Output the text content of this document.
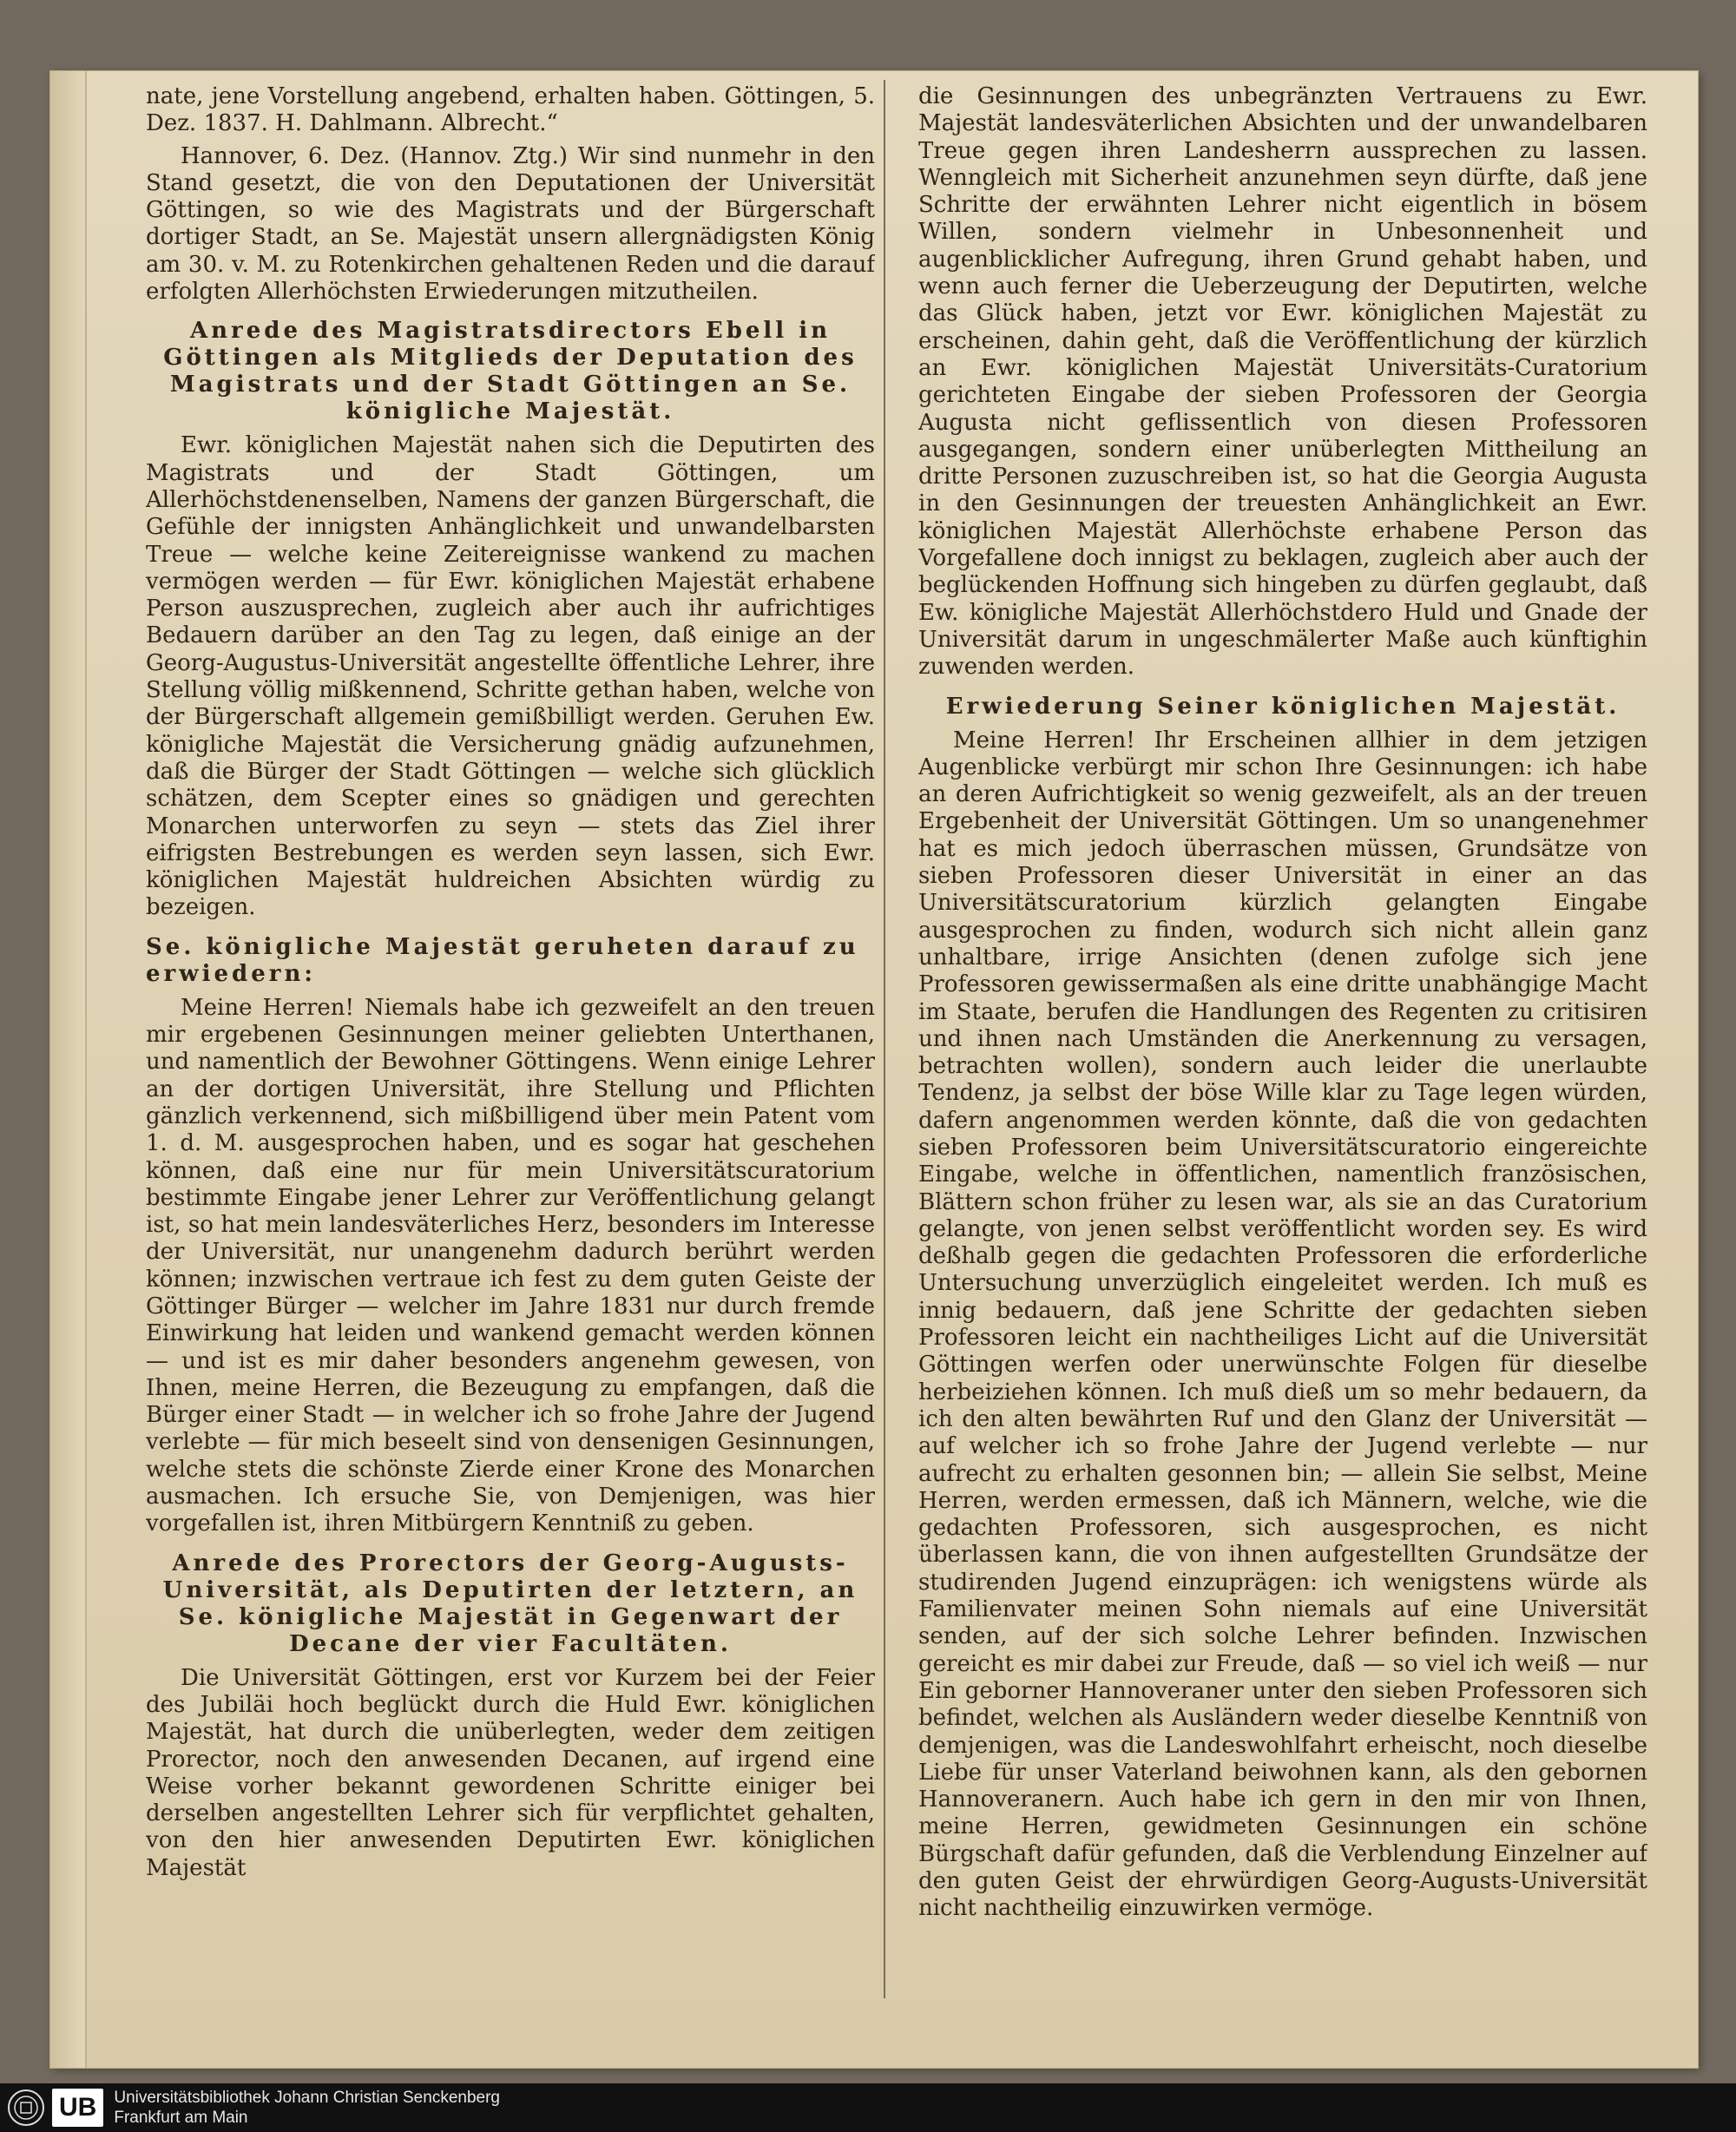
nate, jene Vorstellung angebend, erhalten haben. Göttingen, 5. Dez. 1837. H. Dahlmann. Albrecht.“

Hannover, 6. Dez. (Hannov. Ztg.) Wir sind nunmehr in den Stand gesetzt, die von den Deputationen der Universität Göttingen, so wie des Magistrats und der Bürgerschaft dortiger Stadt, an Se. Majestät unsern allergnädigsten König am 30. v. M. zu Rotenkirchen gehaltenen Reden und die darauf erfolgten Allerhöchsten Erwiederungen mitzutheilen.

Anrede des Magistratsdirectors Ebell in Göttingen als Mitglieds der Deputation des Magistrats und der Stadt Göttingen an Se. königliche Majestät.

Ewr. königlichen Majestät nahen sich die Deputirten des Magistrats und der Stadt Göttingen, um Allerhöchstdenenselben, Namens der ganzen Bürgerschaft, die Gefühle der innigsten Anhänglichkeit und unwandelbarsten Treue — welche keine Zeitereignisse wankend zu machen vermögen werden — für Ewr. königlichen Majestät erhabene Person auszusprechen, zugleich aber auch ihr aufrichtiges Bedauern darüber an den Tag zu legen, daß einige an der Georg-Augustus-Universität angestellte öffentliche Lehrer, ihre Stellung völlig mißkennend, Schritte gethan haben, welche von der Bürgerschaft allgemein gemißbilligt werden. Geruhen Ew. königliche Majestät die Versicherung gnädig aufzunehmen, daß die Bürger der Stadt Göttingen — welche sich glücklich schätzen, dem Scepter eines so gnädigen und gerechten Monarchen unterworfen zu seyn — stets das Ziel ihrer eifrigsten Bestrebungen es werden seyn lassen, sich Ewr. königlichen Majestät huldreichen Absichten würdig zu bezeigen.

Se. königliche Majestät geruheten darauf zu erwiedern:

Meine Herren! Niemals habe ich gezweifelt an den treuen mir ergebenen Gesinnungen meiner geliebten Unterthanen, und namentlich der Bewohner Göttingens. Wenn einige Lehrer an der dortigen Universität, ihre Stellung und Pflichten gänzlich verkennend, sich mißbilligend über mein Patent vom 1. d. M. ausgesprochen haben, und es sogar hat geschehen können, daß eine nur für mein Universitätscuratorium bestimmte Eingabe jener Lehrer zur Veröffentlichung gelangt ist, so hat mein landesväterliches Herz, besonders im Interesse der Universität, nur unangenehm dadurch berührt werden können; inzwischen vertraue ich fest zu dem guten Geiste der Göttinger Bürger — welcher im Jahre 1831 nur durch fremde Einwirkung hat leiden und wankend gemacht werden können — und ist es mir daher besonders angenehm gewesen, von Ihnen, meine Herren, die Bezeugung zu empfangen, daß die Bürger einer Stadt — in welcher ich so frohe Jahre der Jugend verlebte — für mich beseelt sind von densenigen Gesinnungen, welche stets die schönste Zierde einer Krone des Monarchen ausmachen. Ich ersuche Sie, von Demjenigen, was hier vorgefallen ist, ihren Mitbürgern Kenntniß zu geben.

Anrede des Prorectors der Georg-Augusts-Universität, als Deputirten der letztern, an Se. königliche Majestät in Gegenwart der Decane der vier Facultäten.

Die Universität Göttingen, erst vor Kurzem bei der Feier des Jubiläi hoch beglückt durch die Huld Ewr. königlichen Majestät, hat durch die unüberlegten, weder dem zeitigen Prorector, noch den anwesenden Decanen, auf irgend eine Weise vorher bekannt gewordenen Schritte einiger bei derselben angestellten Lehrer sich für verpflichtet gehalten, von den hier anwesenden Deputirten Ewr. königlichen Majestät

die Gesinnungen des unbegränzten Vertrauens zu Ewr. Majestät landesväterlichen Absichten und der unwandelbaren Treue gegen ihren Landesherrn aussprechen zu lassen. Wenngleich mit Sicherheit anzunehmen seyn dürfte, daß jene Schritte der erwähnten Lehrer nicht eigentlich in bösem Willen, sondern vielmehr in Unbesonnenheit und augenblicklicher Aufregung, ihren Grund gehabt haben, und wenn auch ferner die Ueberzeugung der Deputirten, welche das Glück haben, jetzt vor Ewr. königlichen Majestät zu erscheinen, dahin geht, daß die Veröffentlichung der kürzlich an Ewr. königlichen Majestät Universitäts-Curatorium gerichteten Eingabe der sieben Professoren der Georgia Augusta nicht geflissentlich von diesen Professoren ausgegangen, sondern einer unüberlegten Mittheilung an dritte Personen zuzuschreiben ist, so hat die Georgia Augusta in den Gesinnungen der treuesten Anhänglichkeit an Ewr. königlichen Majestät Allerhöchste erhabene Person das Vorgefallene doch innigst zu beklagen, zugleich aber auch der beglückenden Hoffnung sich hingeben zu dürfen geglaubt, daß Ew. königliche Majestät Allerhöchstdero Huld und Gnade der Universität darum in ungeschmälerter Maße auch künftighin zuwenden werden.

Erwiederung Seiner königlichen Majestät.

Meine Herren! Ihr Erscheinen allhier in dem jetzigen Augenblicke verbürgt mir schon Ihre Gesinnungen: ich habe an deren Aufrichtigkeit so wenig gezweifelt, als an der treuen Ergebenheit der Universität Göttingen. Um so unangenehmer hat es mich jedoch überraschen müssen, Grundsätze von sieben Professoren dieser Universität in einer an das Universitätscuratorium kürzlich gelangten Eingabe ausgesprochen zu finden, wodurch sich nicht allein ganz unhaltbare, irrige Ansichten (denen zufolge sich jene Professoren gewissermaßen als eine dritte unabhängige Macht im Staate, berufen die Handlungen des Regenten zu critisiren und ihnen nach Umständen die Anerkennung zu versagen, betrachten wollen), sondern auch leider die unerlaubte Tendenz, ja selbst der böse Wille klar zu Tage legen würden, dafern angenommen werden könnte, daß die von gedachten sieben Professoren beim Universitätscuratorio eingereichte Eingabe, welche in öffentlichen, namentlich französischen, Blättern schon früher zu lesen war, als sie an das Curatorium gelangte, von jenen selbst veröffentlicht worden sey. Es wird deßhalb gegen die gedachten Professoren die erforderliche Untersuchung unverzüglich eingeleitet werden. Ich muß es innig bedauern, daß jene Schritte der gedachten sieben Professoren leicht ein nachtheiliges Licht auf die Universität Göttingen werfen oder unerwünschte Folgen für dieselbe herbeiziehen können. Ich muß dieß um so mehr bedauern, da ich den alten bewährten Ruf und den Glanz der Universität — auf welcher ich so frohe Jahre der Jugend verlebte — nur aufrecht zu erhalten gesonnen bin; — allein Sie selbst, Meine Herren, werden ermessen, daß ich Männern, welche, wie die gedachten Professoren, sich ausgesprochen, es nicht überlassen kann, die von ihnen aufgestellten Grundsätze der studirenden Jugend einzuprägen: ich wenigstens würde als Familienvater meinen Sohn niemals auf eine Universität senden, auf der sich solche Lehrer befinden. Inzwischen gereicht es mir dabei zur Freude, daß — so viel ich weiß — nur Ein geborner Hannoveraner unter den sieben Professoren sich befindet, welchen als Ausländern weder dieselbe Kenntniß von demjenigen, was die Landeswohlfahrt erheischt, noch dieselbe Liebe für unser Vaterland beiwohnen kann, als den gebornen Hannoveranern. Auch habe ich gern in den mir von Ihnen, meine Herren, gewidmeten Gesinnungen ein schöne Bürgschaft dafür gefunden, daß die Verblendung Einzelner auf den guten Geist der ehrwürdigen Georg-Augusts-Universität nicht nachtheilig einzuwirken vermöge.

UB	Universitätsbibliothek Johann Christian Senckenberg
Frankfurt am Main
